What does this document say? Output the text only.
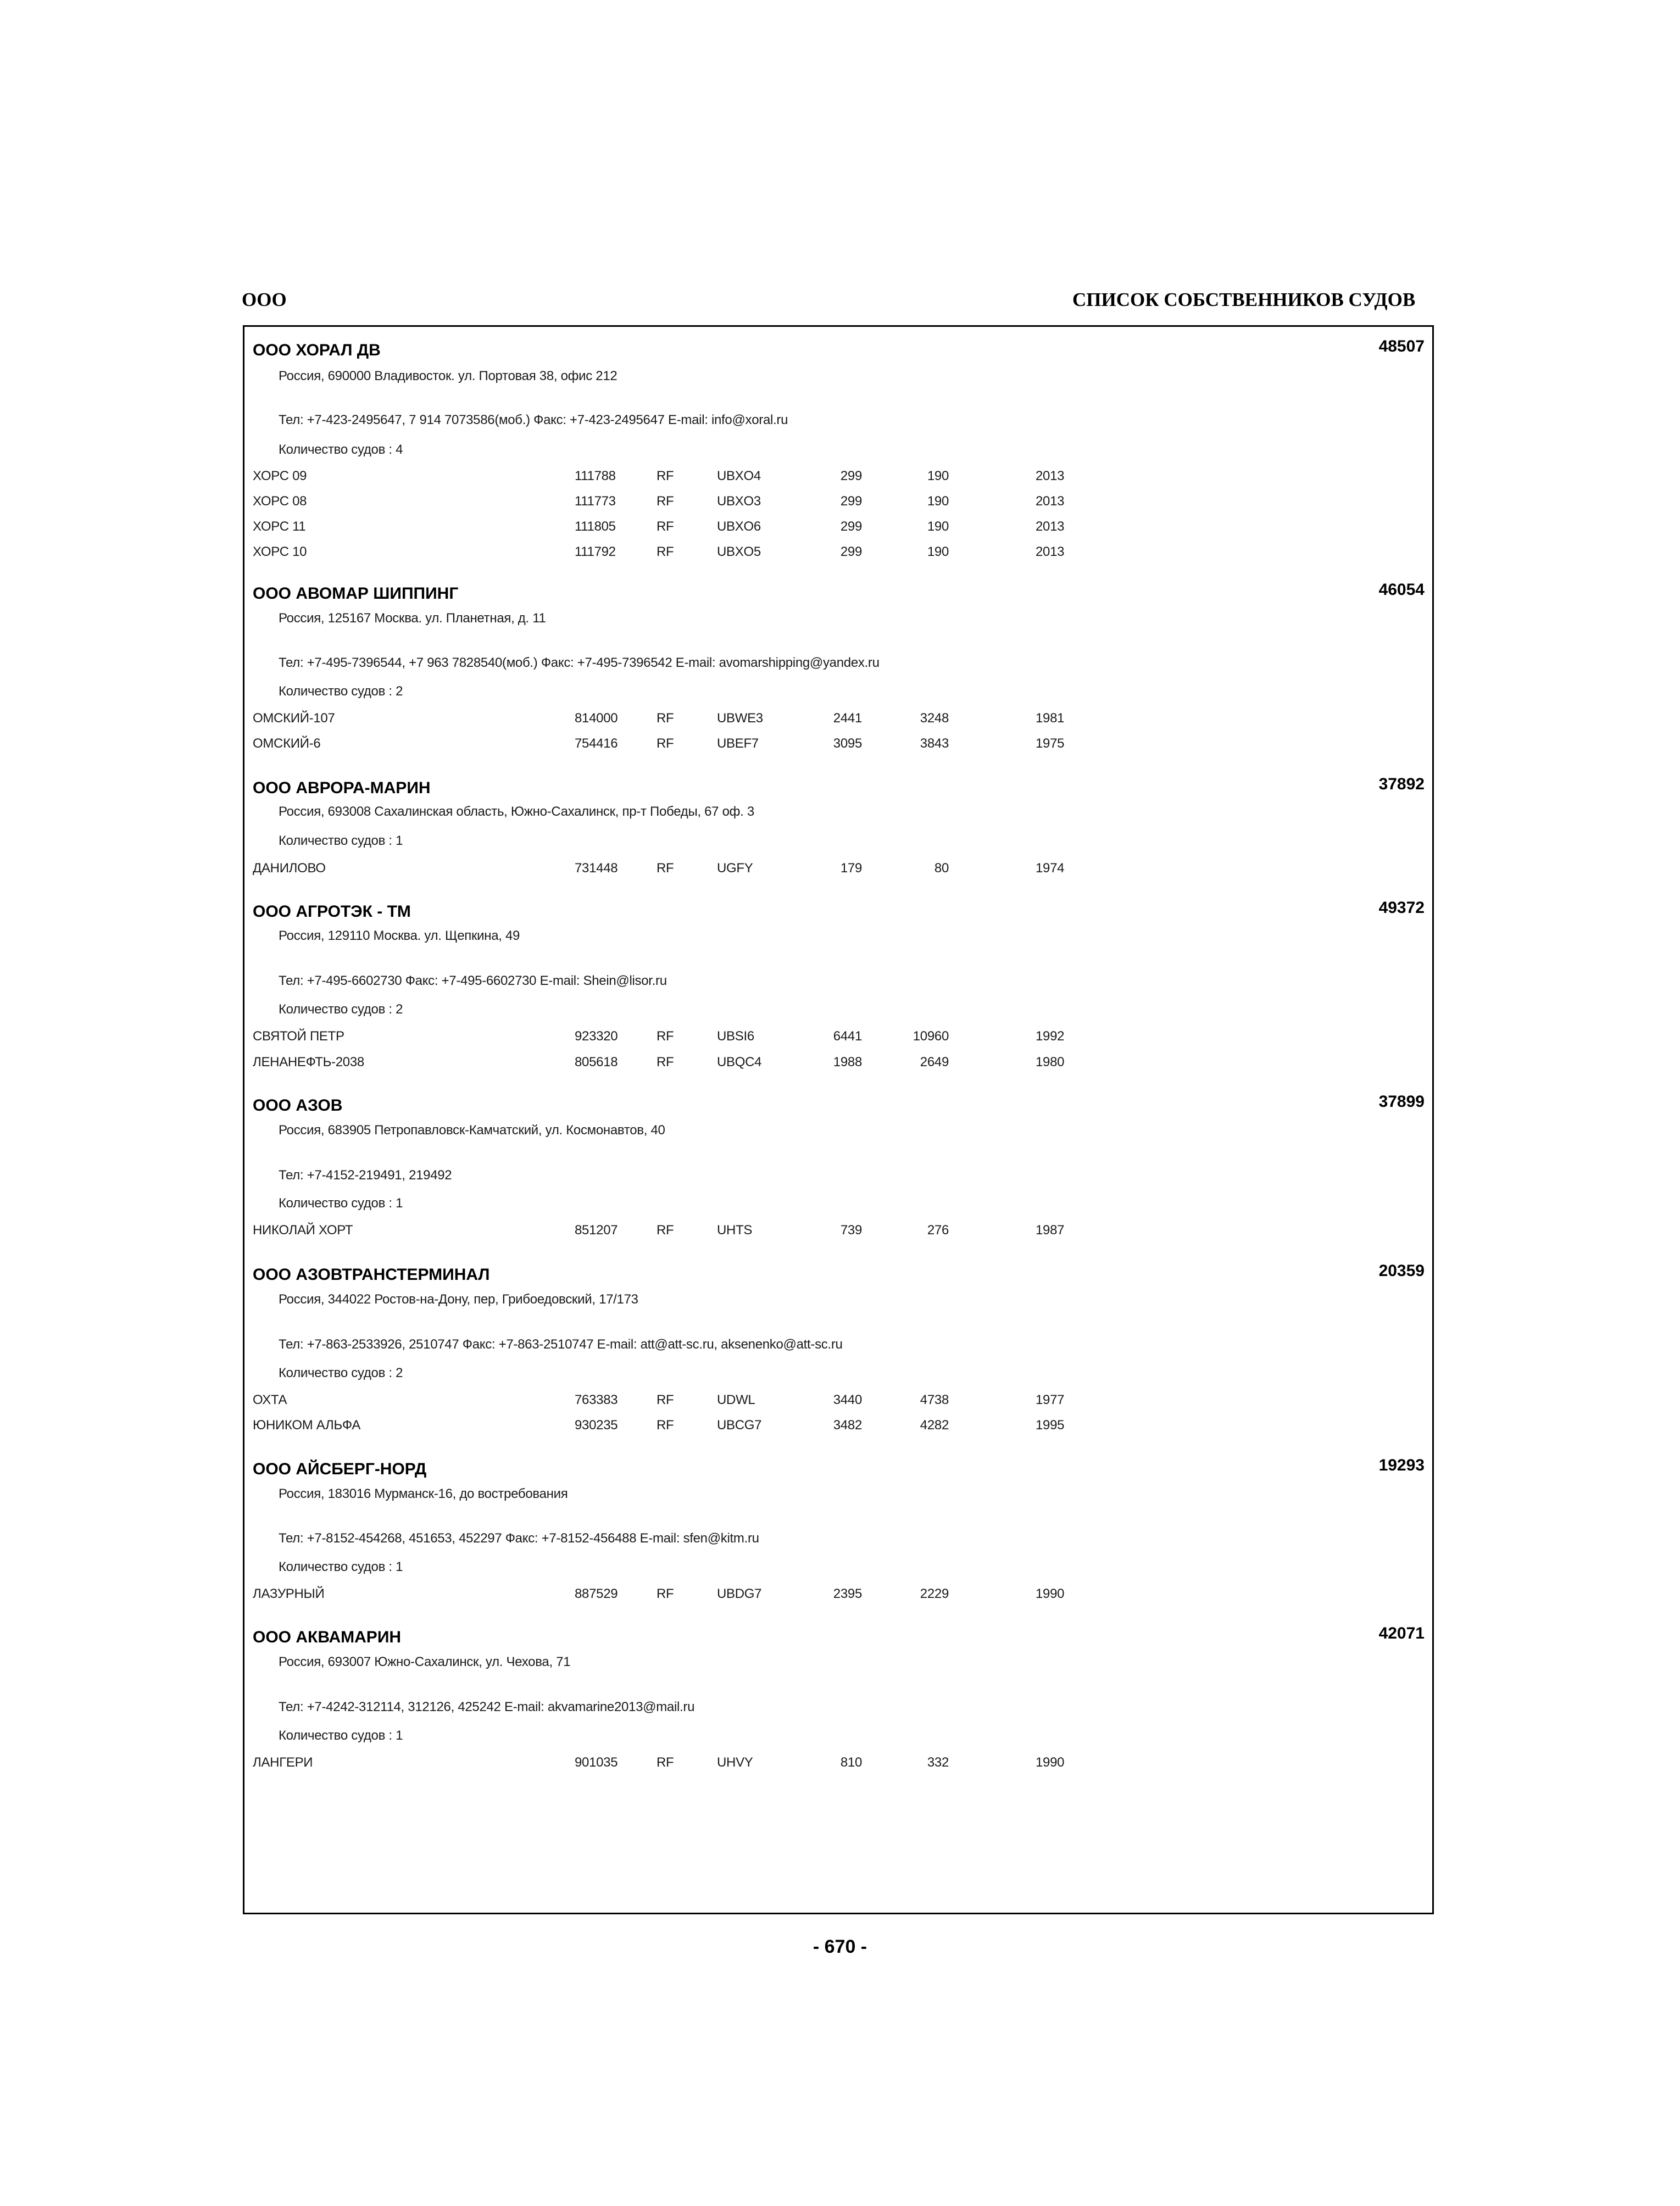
ООО	СПИСОК СОБСТВЕННИКОВ СУДОВ
ООО ХОРАЛ ДВ	48507
Россия, 690000 Владивосток. ул. Портовая 38, офис 212
Тел: +7-423-2495647, 7 914 7073586(моб.) Факс: +7-423-2495647 E-mail: info@xoral.ru
Количество судов : 4
ХОРС 09	111788	RF	UBXO4	299	190	2013
ХОРС 08	111773	RF	UBXO3	299	190	2013
ХОРС 11	111805	RF	UBXO6	299	190	2013
ХОРС 10	111792	RF	UBXO5	299	190	2013
ООО АВОМАР ШИППИНГ	46054
Россия, 125167 Москва. ул. Планетная, д. 11
Тел: +7-495-7396544, +7 963 7828540(моб.) Факс: +7-495-7396542 E-mail: avomarshipping@yandex.ru
Количество судов : 2
ОМСКИЙ-107	814000	RF	UBWE3	2441	3248	1981
ОМСКИЙ-6	754416	RF	UBEF7	3095	3843	1975
ООО АВРОРА-МАРИН	37892
Россия, 693008 Сахалинская область, Южно-Сахалинск, пр-т Победы, 67 оф. 3
Количество судов : 1
ДАНИЛОВО	731448	RF	UGFY	179	80	1974
ООО АГРОТЭК - ТМ	49372
Россия, 129110 Москва. ул. Щепкина, 49
Тел: +7-495-6602730 Факс: +7-495-6602730 E-mail: Shein@lisor.ru
Количество судов : 2
СВЯТОЙ ПЕТР	923320	RF	UBSI6	6441	10960	1992
ЛЕНАНЕФТЬ-2038	805618	RF	UBQC4	1988	2649	1980
ООО АЗОВ	37899
Россия, 683905 Петропавловск-Камчатский, ул. Космонавтов, 40
Тел: +7-4152-219491, 219492
Количество судов : 1
НИКОЛАЙ ХОРТ	851207	RF	UHTS	739	276	1987
ООО АЗОВТРАНСТЕРМИНАЛ	20359
Россия, 344022 Ростов-на-Дону, пер, Грибоедовский, 17/173
Тел: +7-863-2533926, 2510747 Факс: +7-863-2510747 E-mail: att@att-sc.ru, aksenenko@att-sc.ru
Количество судов : 2
ОХТА	763383	RF	UDWL	3440	4738	1977
ЮНИКОМ АЛЬФА	930235	RF	UBCG7	3482	4282	1995
ООО АЙСБЕРГ-НОРД	19293
Россия, 183016 Мурманск-16, до востребования
Тел: +7-8152-454268, 451653, 452297 Факс: +7-8152-456488 E-mail: sfen@kitm.ru
Количество судов : 1
ЛАЗУРНЫЙ	887529	RF	UBDG7	2395	2229	1990
ООО АКВАМАРИН	42071
Россия, 693007 Южно-Сахалинск, ул. Чехова, 71
Тел: +7-4242-312114, 312126, 425242 E-mail: akvamarine2013@mail.ru
Количество судов : 1
ЛАНГЕРИ	901035	RF	UHVY	810	332	1990
- 670 -
